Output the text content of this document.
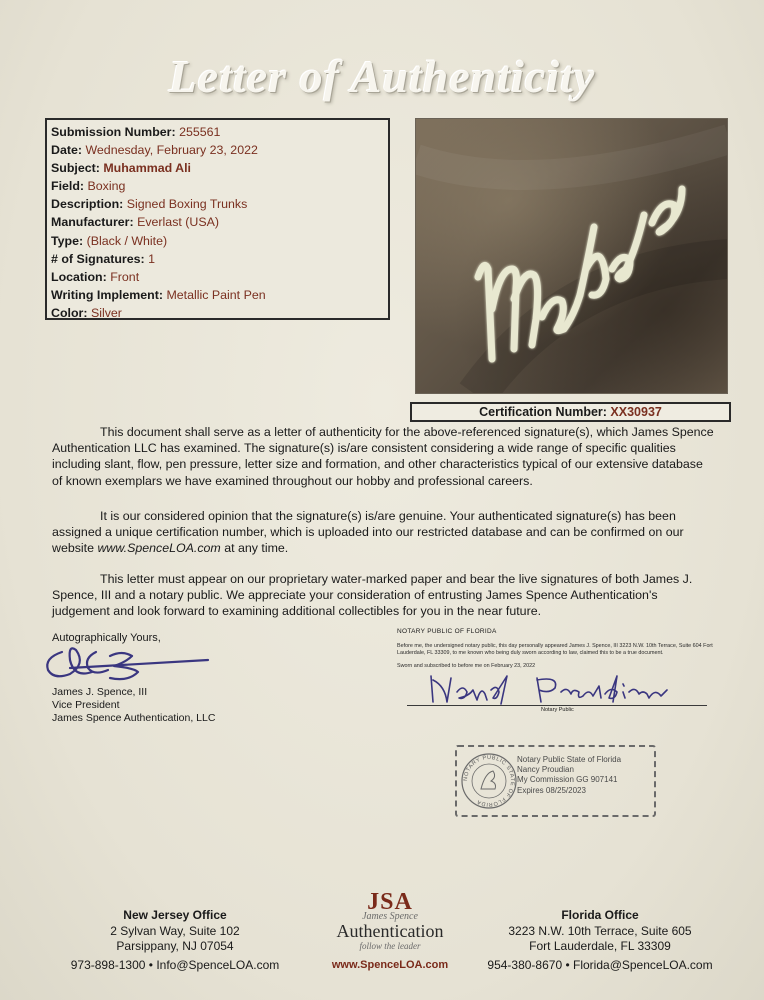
Letter of Authenticity
Submission Number: 255561
Date: Wednesday, February 23, 2022
Subject: Muhammad Ali
Field: Boxing
Description: Signed Boxing Trunks
Manufacturer: Everlast (USA)
Type: (Black / White)
# of Signatures: 1
Location: Front
Writing Implement: Metallic Paint Pen
Color: Silver
Certification Number: XX30937
This document shall serve as a letter of authenticity for the above-referenced signature(s), which James Spence Authentication LLC has examined. The signature(s) is/are consistent considering a wide range of specific qualities including slant, flow, pen pressure, letter size and formation, and other characteristics typical of our extensive database of known exemplars we have examined throughout our hobby and professional careers.
It is our considered opinion that the signature(s) is/are genuine. Your authenticated signature(s) has been assigned a unique certification number, which is uploaded into our restricted database and can be confirmed on our website www.SpenceLOA.com at any time.
This letter must appear on our proprietary water-marked paper and bear the live signatures of both James J. Spence, III and a notary public. We appreciate your consideration of entrusting James Spence Authentication's judgement and look forward to examining additional collectibles for you in the near future.
Autographically Yours,
James J. Spence, III
Vice President
James Spence Authentication, LLC
NOTARY PUBLIC OF FLORIDA
Before me, the undersigned notary public, this day personally appeared James J. Spence, III 3223 N.W. 10th Terrace, Suite 604 Fort Lauderdale, FL 33309, to me known who being duly sworn according to law, claimed this to be a true document.
Sworn and subscribed to before me on February 23, 2022
Notary Public
NOTARY PUBLIC STATE OF FLORIDA
Notary Public State of Florida
Nancy Proudian
My Commission GG 907141
Expires 08/25/2023
New Jersey Office
2 Sylvan Way, Suite 102
Parsippany, NJ 07054
973-898-1300 • Info@SpenceLOA.com
JSA
James Spence
Authentication
follow the leader
www.SpenceLOA.com
Florida Office
3223 N.W. 10th Terrace, Suite 605
Fort Lauderdale, FL 33309
954-380-8670 • Florida@SpenceLOA.com
